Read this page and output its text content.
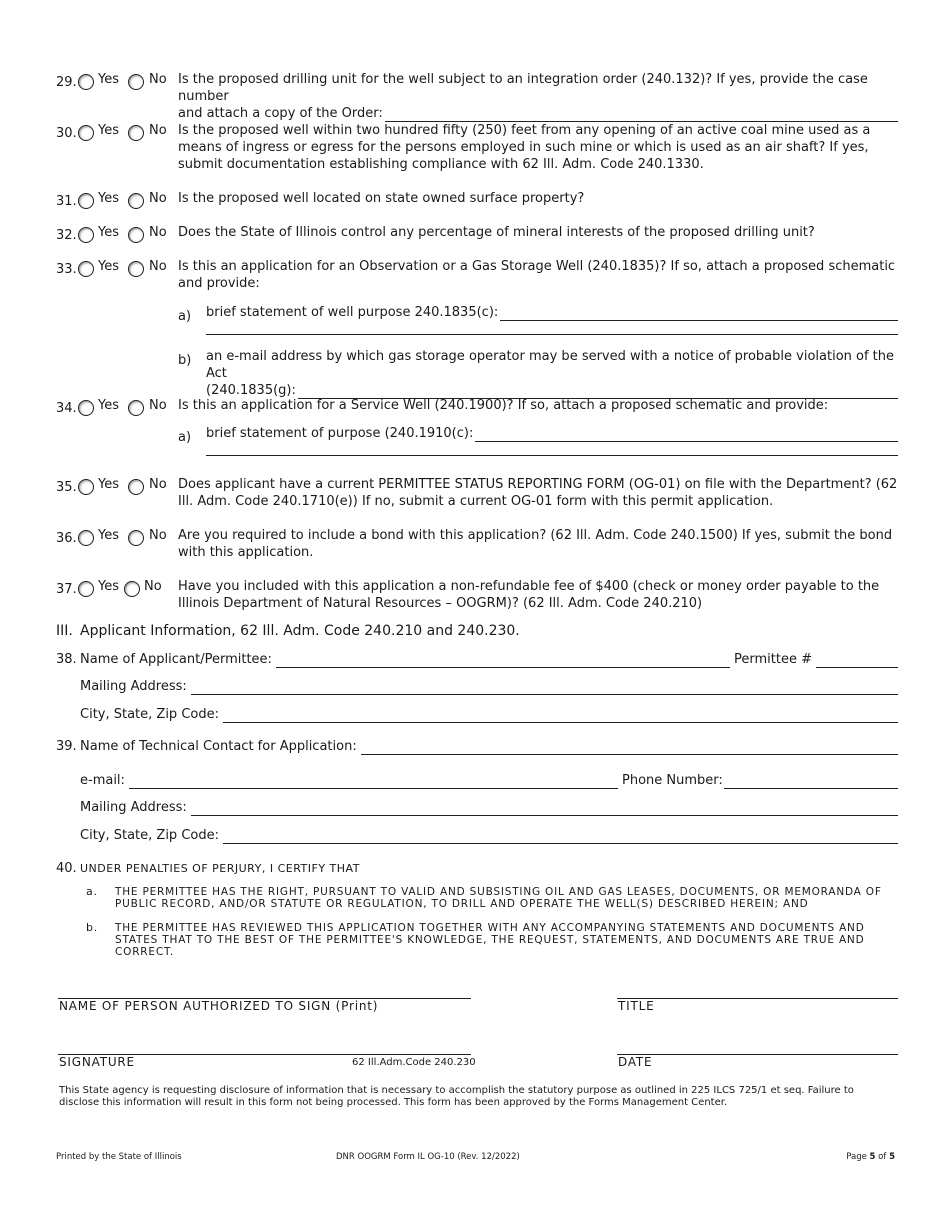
29. Yes No Is the proposed drilling unit for the well subject to an integration order (240.132)? If yes, provide the case number
and attach a copy of the Order:
30. Yes No Is the proposed well within two hundred fifty (250) feet from any opening of an active coal mine used as a means of ingress or egress for the persons employed in such mine or which is used as an air shaft? If yes, submit documentation establishing compliance with 62 Ill. Adm. Code 240.1330.
31. Yes No Is the proposed well located on state owned surface property?
32. Yes No Does the State of Illinois control any percentage of mineral interests of the proposed drilling unit?
33. Yes No Is this an application for an Observation or a Gas Storage Well (240.1835)? If so, attach a proposed schematic and provide:
a) brief statement of well purpose 240.1835(c):
b) an e-mail address by which gas storage operator may be served with a notice of probable violation of the Act
(240.1835(g):
34. Yes No Is this an application for a Service Well (240.1900)? If so, attach a proposed schematic and provide:
a) brief statement of purpose (240.1910(c):
35. Yes No Does applicant have a current PERMITTEE STATUS REPORTING FORM (OG-01) on file with the Department? (62 Ill. Adm. Code 240.1710(e)) If no, submit a current OG-01 form with this permit application.
36. Yes No Are you required to include a bond with this application? (62 Ill. Adm. Code 240.1500) If yes, submit the bond with this application.
37. Yes No Have you included with this application a non-refundable fee of $400 (check or money order payable to the Illinois Department of Natural Resources – OOGRM)? (62 Ill. Adm. Code 240.210)
III. Applicant Information, 62 Ill. Adm. Code 240.210 and 240.230.
38. Name of Applicant/Permittee:	Permittee #
Mailing Address:
City, State, Zip Code:
39. Name of Technical Contact for Application:
e-mail:	Phone Number:
Mailing Address:
City, State, Zip Code:
40. UNDER PENALTIES OF PERJURY, I CERTIFY THAT
a. THE PERMITTEE HAS THE RIGHT, PURSUANT TO VALID AND SUBSISTING OIL AND GAS LEASES, DOCUMENTS, OR MEMORANDA OF PUBLIC RECORD, AND/OR STATUTE OR REGULATION, TO DRILL AND OPERATE THE WELL(S) DESCRIBED HEREIN; AND
b. THE PERMITTEE HAS REVIEWED THIS APPLICATION TOGETHER WITH ANY ACCOMPANYING STATEMENTS AND DOCUMENTS AND STATES THAT TO THE BEST OF THE PERMITTEE'S KNOWLEDGE, THE REQUEST, STATEMENTS, AND DOCUMENTS ARE TRUE AND CORRECT.
NAME OF PERSON AUTHORIZED TO SIGN (Print)	TITLE
SIGNATURE	62 Ill.Adm.Code 240.230	DATE
This State agency is requesting disclosure of information that is necessary to accomplish the statutory purpose as outlined in 225 ILCS 725/1 et seq. Failure to disclose this information will result in this form not being processed. This form has been approved by the Forms Management Center.
Printed by the State of Illinois	DNR OOGRM Form IL OG-10 (Rev. 12/2022)	Page 5 of 5
